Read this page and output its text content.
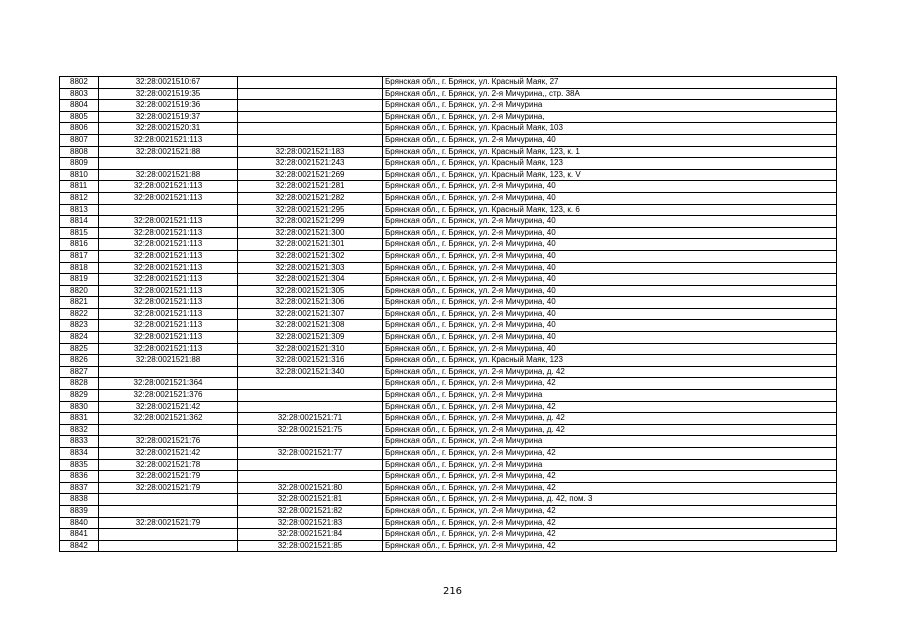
8802	32:28:0021510:67		Брянская обл., г. Брянск, ул. Красный Маяк, 27
8803	32:28:0021519:35		Брянская обл., г. Брянск, ул. 2-я Мичурина,, стр. 38А
8804	32:28:0021519:36		Брянская обл., г. Брянск, ул. 2-я Мичурина
8805	32:28:0021519:37		Брянская обл., г. Брянск, ул. 2-я Мичурина,
8806	32:28:0021520:31		Брянская обл., г. Брянск, ул. Красный Маяк, 103
8807	32:28:0021521:113		Брянская обл., г. Брянск, ул. 2-я Мичурина, 40
8808	32:28:0021521:88	32:28:0021521:183	Брянская обл., г. Брянск, ул. Красный Маяк, 123, к. 1
8809		32:28:0021521:243	Брянская обл., г. Брянск, ул. Красный Маяк, 123
8810	32:28:0021521:88	32:28:0021521:269	Брянская обл., г. Брянск, ул. Красный Маяк, 123, к. V
8811	32:28:0021521:113	32:28:0021521:281	Брянская обл., г. Брянск, ул. 2-я Мичурина, 40
8812	32:28:0021521:113	32:28:0021521:282	Брянская обл., г. Брянск, ул. 2-я Мичурина, 40
8813		32:28:0021521:295	Брянская обл., г. Брянск, ул. Красный Маяк, 123, к. 6
8814	32:28:0021521:113	32:28:0021521:299	Брянская обл., г. Брянск, ул. 2-я Мичурина, 40
8815	32:28:0021521:113	32:28:0021521:300	Брянская обл., г. Брянск, ул. 2-я Мичурина, 40
8816	32:28:0021521:113	32:28:0021521:301	Брянская обл., г. Брянск, ул. 2-я Мичурина, 40
8817	32:28:0021521:113	32:28:0021521:302	Брянская обл., г. Брянск, ул. 2-я Мичурина, 40
8818	32:28:0021521:113	32:28:0021521:303	Брянская обл., г. Брянск, ул. 2-я Мичурина, 40
8819	32:28:0021521:113	32:28:0021521:304	Брянская обл., г. Брянск, ул. 2-я Мичурина, 40
8820	32:28:0021521:113	32:28:0021521:305	Брянская обл., г. Брянск, ул. 2-я Мичурина, 40
8821	32:28:0021521:113	32:28:0021521:306	Брянская обл., г. Брянск, ул. 2-я Мичурина, 40
8822	32:28:0021521:113	32:28:0021521:307	Брянская обл., г. Брянск, ул. 2-я Мичурина, 40
8823	32:28:0021521:113	32:28:0021521:308	Брянская обл., г. Брянск, ул. 2-я Мичурина, 40
8824	32:28:0021521:113	32:28:0021521:309	Брянская обл., г. Брянск, ул. 2-я Мичурина, 40
8825	32:28:0021521:113	32:28:0021521:310	Брянская обл., г. Брянск, ул. 2-я Мичурина, 40
8826	32:28:0021521:88	32:28:0021521:316	Брянская обл., г. Брянск, ул. Красный Маяк, 123
8827		32:28:0021521:340	Брянская обл., г. Брянск, ул. 2-я Мичурина, д. 42
8828	32:28:0021521:364		Брянская обл., г. Брянск, ул. 2-я Мичурина, 42
8829	32:28:0021521:376		Брянская обл., г. Брянск, ул. 2-я Мичурина
8830	32:28:0021521:42		Брянская обл., г. Брянск, ул. 2-я Мичурина, 42
8831	32:28:0021521:362	32:28:0021521:71	Брянская обл., г. Брянск, ул. 2-я Мичурина, д. 42
8832		32:28:0021521:75	Брянская обл., г. Брянск, ул. 2-я Мичурина, д. 42
8833	32:28:0021521:76		Брянская обл., г. Брянск, ул. 2-я Мичурина
8834	32:28:0021521:42	32:28:0021521:77	Брянская обл., г. Брянск, ул. 2-я Мичурина, 42
8835	32:28:0021521:78		Брянская обл., г. Брянск, ул. 2-я Мичурина
8836	32:28:0021521:79		Брянская обл., г. Брянск, ул. 2-я Мичурина, 42
8837	32:28:0021521:79	32:28:0021521:80	Брянская обл., г. Брянск, ул. 2-я Мичурина, 42
8838		32:28:0021521:81	Брянская обл., г. Брянск, ул. 2-я Мичурина, д. 42, пом. 3
8839		32:28:0021521:82	Брянская обл., г. Брянск, ул. 2-я Мичурина, 42
8840	32:28:0021521:79	32:28:0021521:83	Брянская обл., г. Брянск, ул. 2-я Мичурина, 42
8841		32:28:0021521:84	Брянская обл., г. Брянск, ул. 2-я Мичурина, 42
8842		32:28:0021521:85	Брянская обл., г. Брянск, ул. 2-я Мичурина, 42
216
